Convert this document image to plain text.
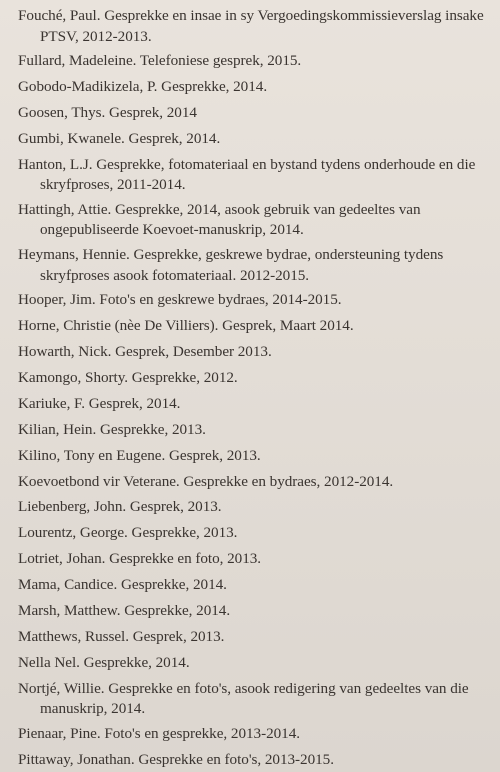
Fouché, Paul. Gesprekke en insae in sy Vergoedingskommissieverslag insake PTSV, 2012-2013.
Fullard, Madeleine. Telefoniese gesprek, 2015.
Gobodo-Madikizela, P. Gesprekke, 2014.
Goosen, Thys. Gesprek, 2014
Gumbi, Kwanele. Gesprek, 2014.
Hanton, L.J. Gesprekke, fotomateriaal en bystand tydens onderhoude en die skryfproses, 2011-2014.
Hattingh, Attie. Gesprekke, 2014, asook gebruik van gedeeltes van ongepubliseerde Koevoet-manuskrip, 2014.
Heymans, Hennie. Gesprekke, geskrewe bydrae, ondersteuning tydens skryfproses asook fotomateriaal. 2012-2015.
Hooper, Jim. Foto's en geskrewe bydraes, 2014-2015.
Horne, Christie (nèe De Villiers). Gesprek, Maart 2014.
Howarth, Nick. Gesprek, Desember 2013.
Kamongo, Shorty. Gesprekke, 2012.
Kariuke, F. Gesprek, 2014.
Kilian, Hein. Gesprekke, 2013.
Kilino, Tony en Eugene. Gesprek, 2013.
Koevoetbond vir Veterane. Gesprekke en bydraes, 2012-2014.
Liebenberg, John. Gesprek, 2013.
Lourentz, George. Gesprekke, 2013.
Lotriet, Johan. Gesprekke en foto, 2013.
Mama, Candice. Gesprekke, 2014.
Marsh, Matthew. Gesprekke, 2014.
Matthews, Russel. Gesprek, 2013.
Nella Nel. Gesprekke, 2014.
Nortjé, Willie. Gesprekke en foto's, asook redigering van gedeeltes van die manuskrip, 2014.
Pienaar, Pine. Foto's en gesprekke, 2013-2014.
Pittaway, Jonathan. Gesprekke en foto's, 2013-2015.
